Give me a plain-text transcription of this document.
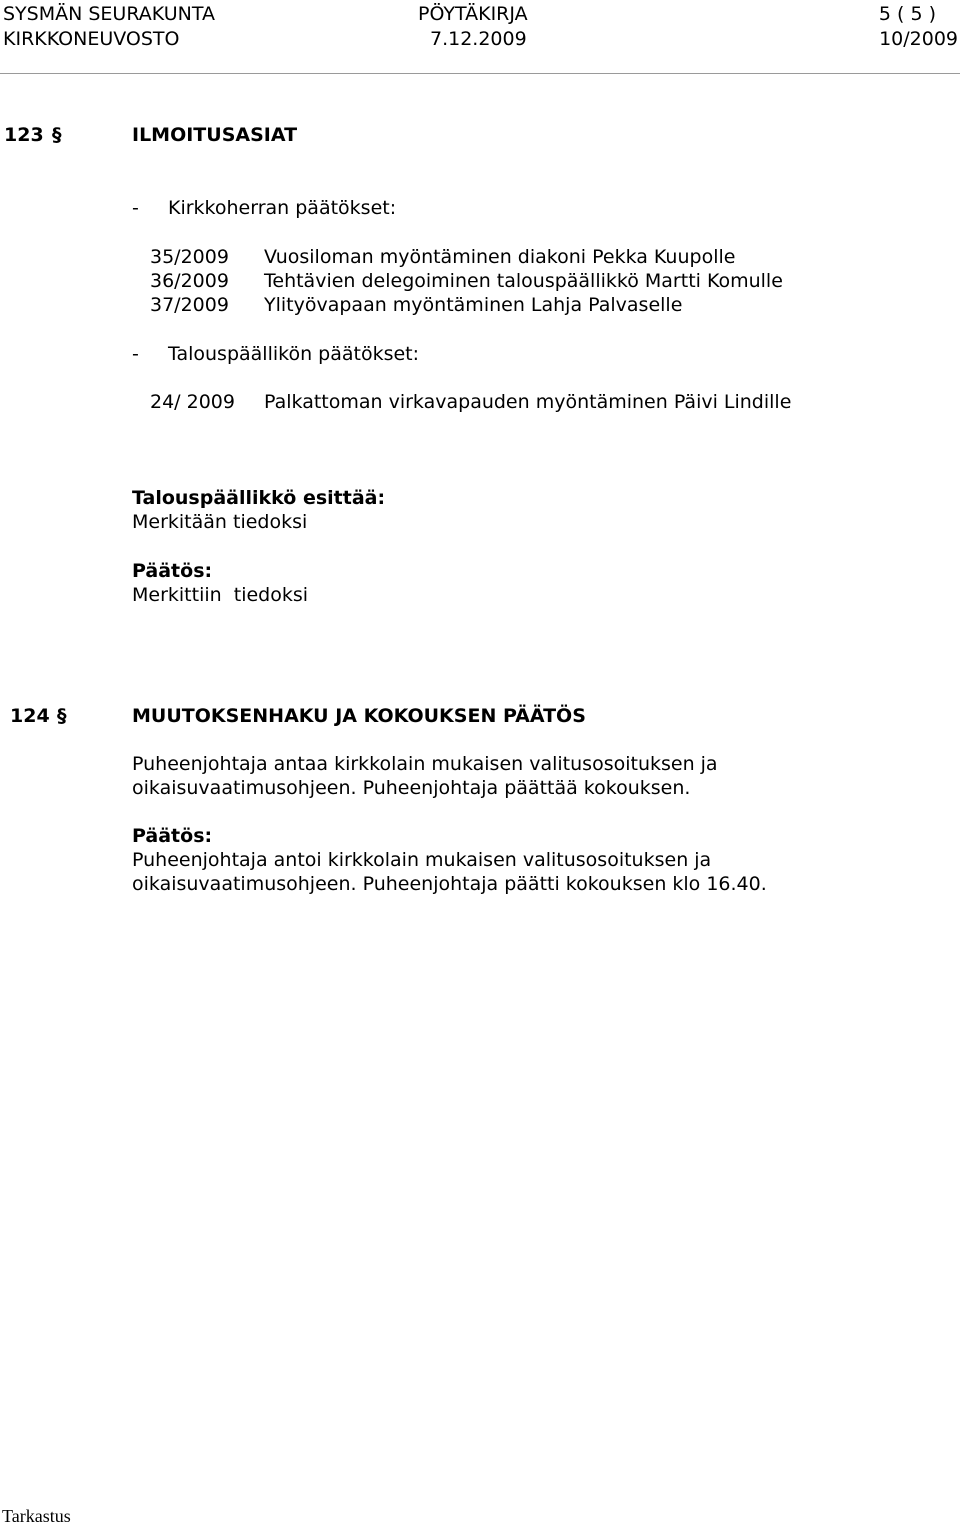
SYSMÄN SEURAKUNTA
KIRKKONEUVOSTO
PÖYTÄKIRJA
7.12.2009
5 ( 5 )
10/2009
123 §	ILMOITUSASIAT
- Kirkkoherran päätökset:
35/2009 Vuosiloman myöntäminen diakoni Pekka Kuupolle
36/2009 Tehtävien delegoiminen talouspäällikkö Martti Komulle
37/2009 Ylityövapaan myöntäminen Lahja Palvaselle
- Talouspäällikön päätökset:
24/ 2009 Palkattoman virkavapauden myöntäminen Päivi Lindille
Talouspäällikkö esittää:
Merkitään tiedoksi
Päätös:
Merkittiin  tiedoksi
124 §	MUUTOKSENHAKU JA KOKOUKSEN PÄÄTÖS
Puheenjohtaja antaa kirkkolain mukaisen valitusosoituksen ja
oikaisuvaatimusohjeen. Puheenjohtaja päättää kokouksen.
Päätös:
Puheenjohtaja antoi kirkkolain mukaisen valitusosoituksen ja
oikaisuvaatimusohjeen. Puheenjohtaja päätti kokouksen klo 16.40.
Tarkastus
